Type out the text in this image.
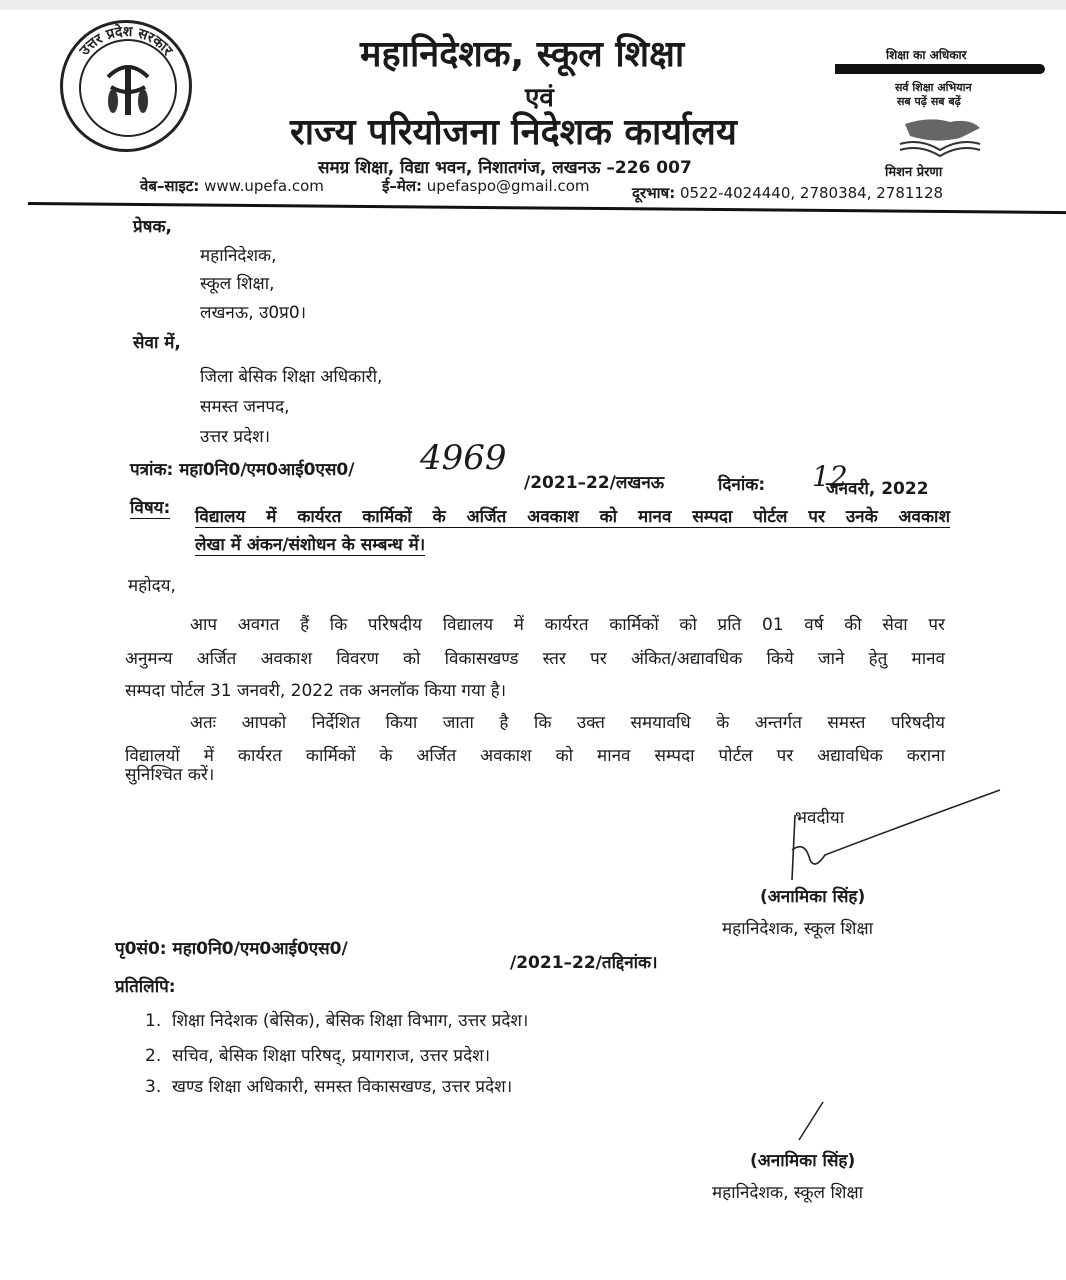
उत्तर प्रदेश सरकार	महानिदेशक, स्कूल शिक्षा
एवं
राज्य परियोजना निदेशक कार्यालय
समग्र शिक्षा, विद्या भवन, निशातगंज, लखनऊ –226 007
वेब–साइट: www.upefa.com	ई–मेल: upefaspo@gmail.com	दूरभाष: 0522-4024440, 2780384, 2781128
शिक्षा का अधिकार
सर्व शिक्षा अभियान
सब पढ़ें सब बढ़ें
मिशन प्रेरणा
प्रेषक,
महानिदेशक,
स्कूल शिक्षा,
लखनऊ, उ0प्र0।
सेवा में,
जिला बेसिक शिक्षा अधिकारी,
समस्त जनपद,
उत्तर प्रदेश।
पत्रांक: महा0नि0/एम0आई0एस0/ 4969
/2021–22/लखनऊ	दिनांक: 12
जनवरी, 2022
विषय: विद्यालय में कार्यरत कार्मिकों के अर्जित अवकाश को मानव सम्पदा पोर्टल पर उनके अवकाश
लेखा में अंकन/संशोधन के सम्बन्ध में।
महोदय,
आप अवगत हैं कि परिषदीय विद्यालय में कार्यरत कार्मिकों को प्रति 01 वर्ष की सेवा पर
अनुमन्य अर्जित अवकाश विवरण को विकासखण्ड स्तर पर अंकित/अद्यावधिक किये जाने हेतु मानव
सम्पदा पोर्टल 31 जनवरी, 2022 तक अनलॉक किया गया है।
अतः आपको निर्देशित किया जाता है कि उक्त समयावधि के अन्तर्गत समस्त परिषदीय
विद्यालयों में कार्यरत कार्मिकों के अर्जित अवकाश को मानव सम्पदा पोर्टल पर अद्यावधिक कराना
सुनिश्चित करें।
भवदीया
(अनामिका सिंह)
महानिदेशक, स्कूल शिक्षा
पृ0सं0: महा0नि0/एम0आई0एस0/
/2021–22/तद्दिनांक।
प्रतिलिपि:
1. शिक्षा निदेशक (बेसिक), बेसिक शिक्षा विभाग, उत्तर प्रदेश।
2. सचिव, बेसिक शिक्षा परिषद्, प्रयागराज, उत्तर प्रदेश।
3. खण्ड शिक्षा अधिकारी, समस्त विकासखण्ड, उत्तर प्रदेश।
(अनामिका सिंह)
महानिदेशक, स्कूल शिक्षा
